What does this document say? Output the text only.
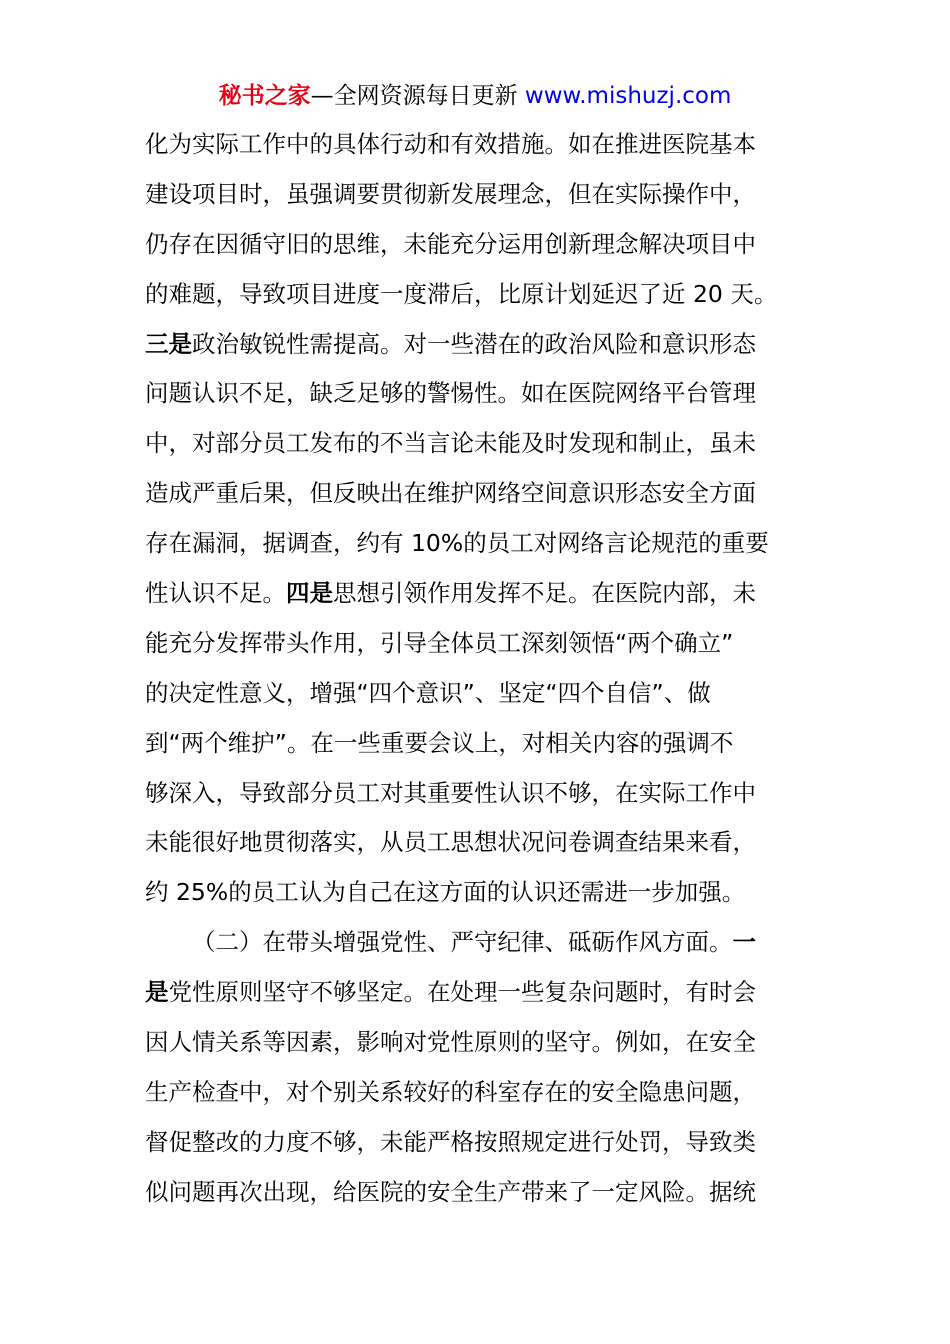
秘书之家—全网资源每日更新 www.mishuzj.com
化为实际工作中的具体行动和有效措施。如在推进医院基本
建设项目时，虽强调要贯彻新发展理念，但在实际操作中，
仍存在因循守旧的思维，未能充分运用创新理念解决项目中
的难题，导致项目进度一度滞后，比原计划延迟了近 20 天。
三是政治敏锐性需提高。对一些潜在的政治风险和意识形态
问题认识不足，缺乏足够的警惕性。如在医院网络平台管理
中，对部分员工发布的不当言论未能及时发现和制止，虽未
造成严重后果，但反映出在维护网络空间意识形态安全方面
存在漏洞，据调查，约有 10%的员工对网络言论规范的重要
性认识不足。四是思想引领作用发挥不足。在医院内部，未
能充分发挥带头作用，引导全体员工深刻领悟“两个确立”
的决定性意义，增强“四个意识”、坚定“四个自信”、做
到“两个维护”。在一些重要会议上，对相关内容的强调不
够深入，导致部分员工对其重要性认识不够，在实际工作中
未能很好地贯彻落实，从员工思想状况问卷调查结果来看，
约 25%的员工认为自己在这方面的认识还需进一步加强。
（二）在带头增强党性、严守纪律、砥砺作风方面。一
是党性原则坚守不够坚定。在处理一些复杂问题时，有时会
因人情关系等因素，影响对党性原则的坚守。例如，在安全
生产检查中，对个别关系较好的科室存在的安全隐患问题，
督促整改的力度不够，未能严格按照规定进行处罚，导致类
似问题再次出现，给医院的安全生产带来了一定风险。据统
